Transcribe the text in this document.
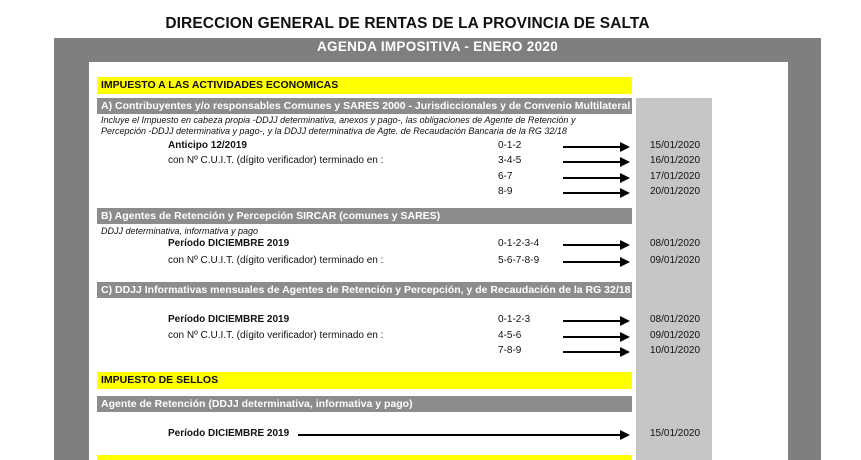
DIRECCION GENERAL DE RENTAS DE LA PROVINCIA DE SALTA
AGENDA IMPOSITIVA - ENERO 2020
IMPUESTO A LAS ACTIVIDADES ECONOMICAS
A) Contribuyentes y/o responsables Comunes y SARES 2000 - Jurisdiccionales y de Convenio Multilateral
Incluye el Impuesto en cabeza propia -DDJJ determinativa, anexos y pago-, las obligaciones de Agente de Retención y
Percepción -DDJJ determinativa y pago-, y la DDJJ determinativa de Agte. de Recaudación Bancaria de la RG 32/18
Anticipo 12/2019
con Nº C.U.I.T. (dígito verificador) terminado en :
0-1-2	15/01/2020
3-4-5	16/01/2020
6-7	17/01/2020
8-9	20/01/2020
B) Agentes de Retención y Percepción SIRCAR (comunes y SARES)
DDJJ determinativa, informativa y pago
Período DICIEMBRE 2019
con Nº C.U.I.T. (dígito verificador) terminado en :
0-1-2-3-4	08/01/2020
5-6-7-8-9	09/01/2020
C) DDJJ Informativas mensuales de Agentes de Retención y Percepción, y de Recaudación de la RG 32/18
Período DICIEMBRE 2019
con Nº C.U.I.T. (dígito verificador) terminado en :
0-1-2-3	08/01/2020
4-5-6	09/01/2020
7-8-9	10/01/2020
IMPUESTO DE SELLOS
Agente de Retención (DDJJ determinativa, informativa y pago)
Período DICIEMBRE 2019	15/01/2020
